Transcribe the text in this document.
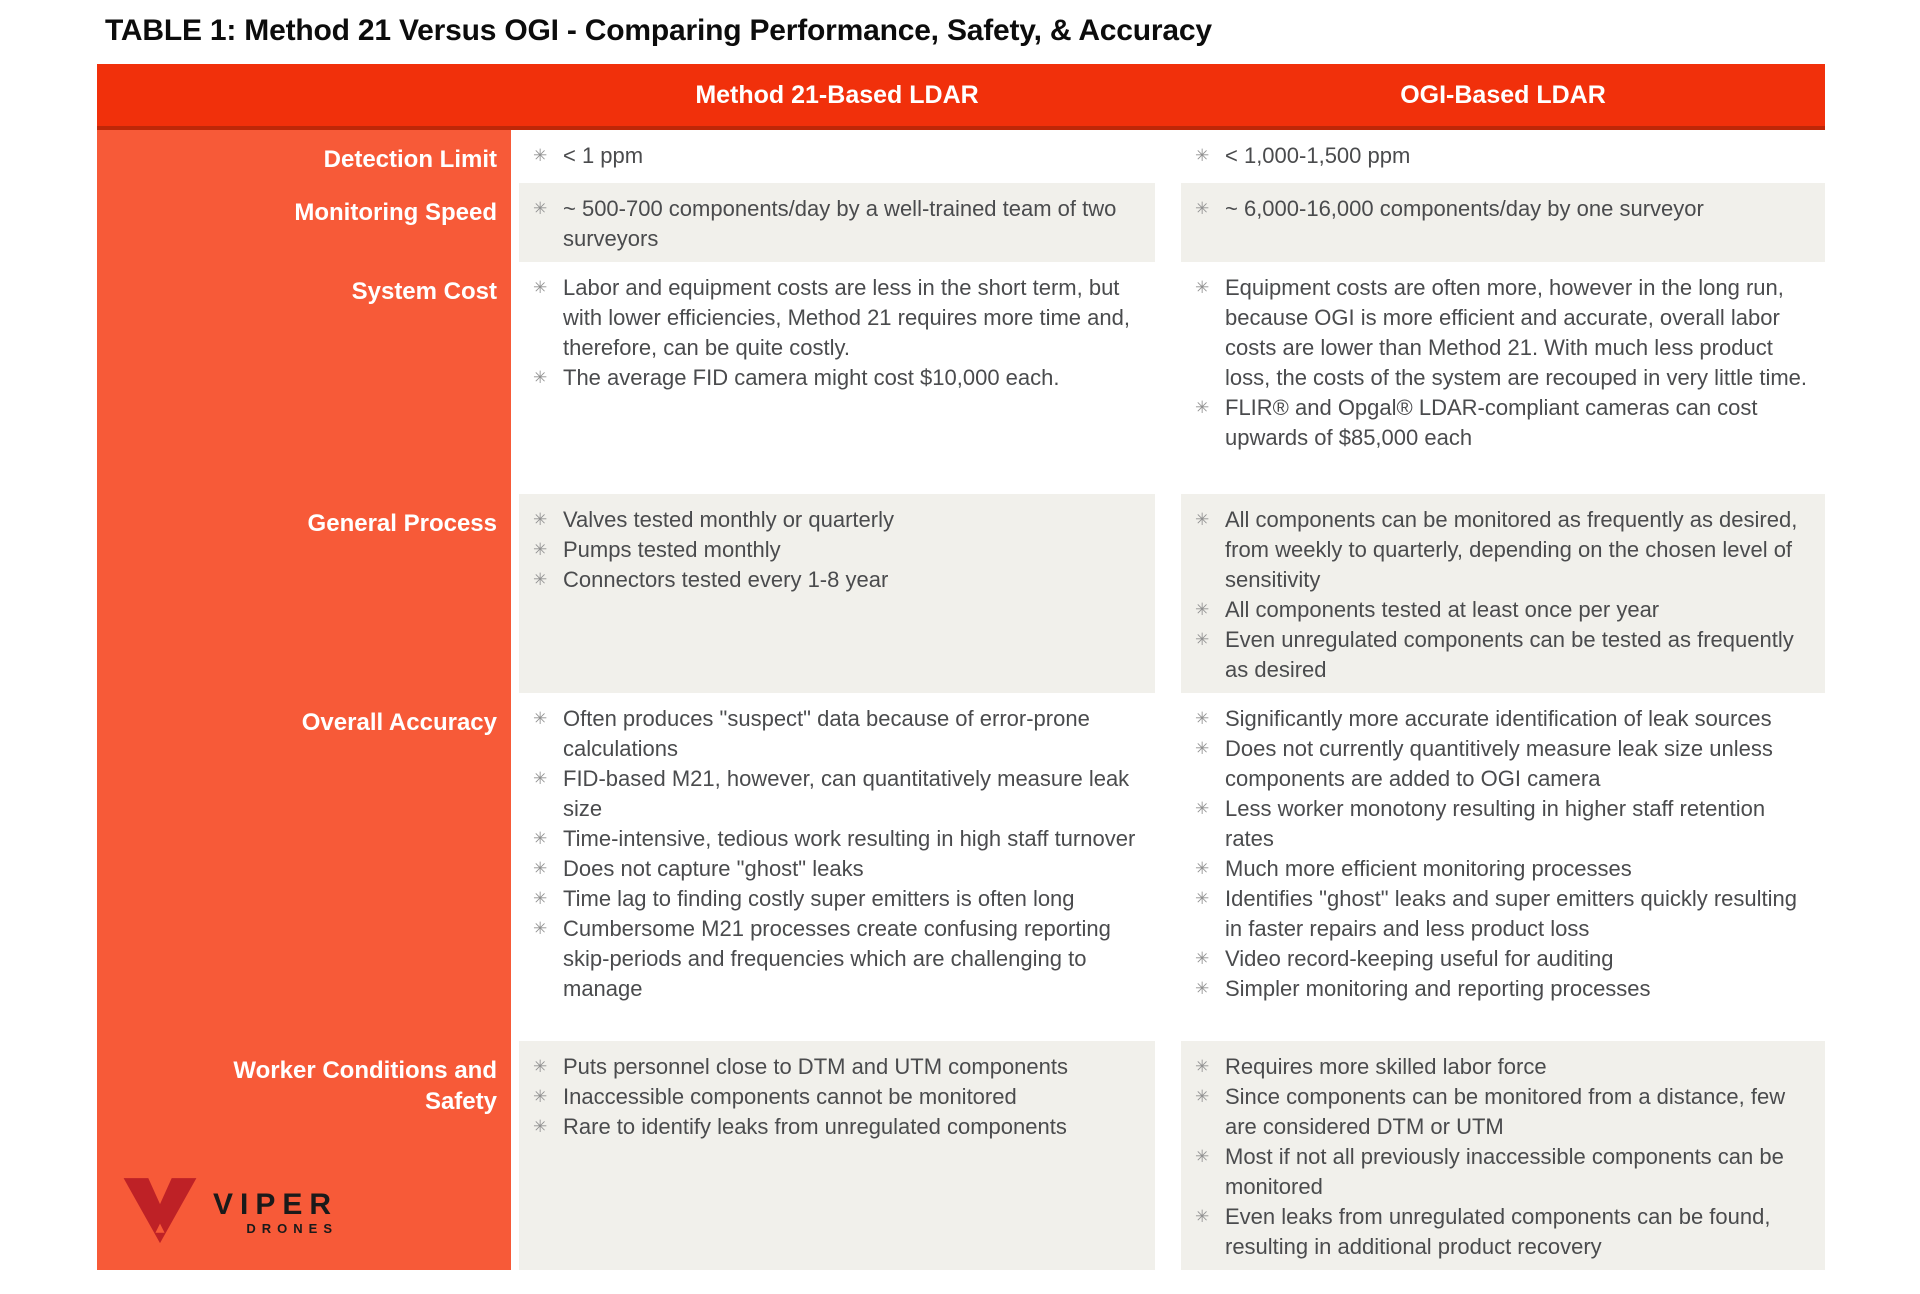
TABLE 1: Method 21 Versus OGI - Comparing Performance, Safety, & Accuracy
Method 21-Based LDAR	OGI-Based LDAR
Detection Limit ✳ < 1 ppm	✳ < 1,000-1,500 ppm
Monitoring Speed ✳ ~ 500-700 components/day by a well-trained team of two surveyors
✳ ~ 6,000-16,000 components/day by one surveyor
System Cost ✳ Labor and equipment costs are less in the short term, but with lower efficiencies, Method 21 requires more time and, therefore, can be quite costly.
✳ The average FID camera might cost $10,000 each.
✳ Equipment costs are often more, however in the long run, because OGI is more efficient and accurate, overall labor costs are lower than Method 21. With much less product loss, the costs of the system are recouped in very little time.
✳ FLIR® and Opgal® LDAR-compliant cameras can cost upwards of $85,000 each
General Process ✳ Valves tested monthly or quarterly
✳ Pumps tested monthly
✳ Connectors tested every 1-8 year
✳ All components can be monitored as frequently as desired, from weekly to quarterly, depending on the chosen level of sensitivity
✳ All components tested at least once per year
✳ Even unregulated components can be tested as frequently as desired
Overall Accuracy ✳ Often produces "suspect" data because of error-prone calculations
✳ FID-based M21, however, can quantitatively measure leak size
✳ Time-intensive, tedious work resulting in high staff turnover
✳ Does not capture "ghost" leaks
✳ Time lag to finding costly super emitters is often long
✳ Cumbersome M21 processes create confusing reporting skip-periods and frequencies which are challenging to manage
✳ Significantly more accurate identification of leak sources
✳ Does not currently quantitively measure leak size unless components are added to OGI camera
✳ Less worker monotony resulting in higher staff retention rates
✳ Much more efficient monitoring processes
✳ Identifies "ghost" leaks and super emitters quickly resulting in faster repairs and less product loss
✳ Video record-keeping useful for auditing
✳ Simpler monitoring and reporting processes
Worker Conditions and Safety
✳ Puts personnel close to DTM and UTM components
✳ Inaccessible components cannot be monitored
✳ Rare to identify leaks from unregulated components
✳ Requires more skilled labor force
✳ Since components can be monitored from a distance, few are considered DTM or UTM
✳ Most if not all previously inaccessible components can be monitored
✳ Even leaks from unregulated components can be found, resulting in additional product recovery
VIPER
DRONES
